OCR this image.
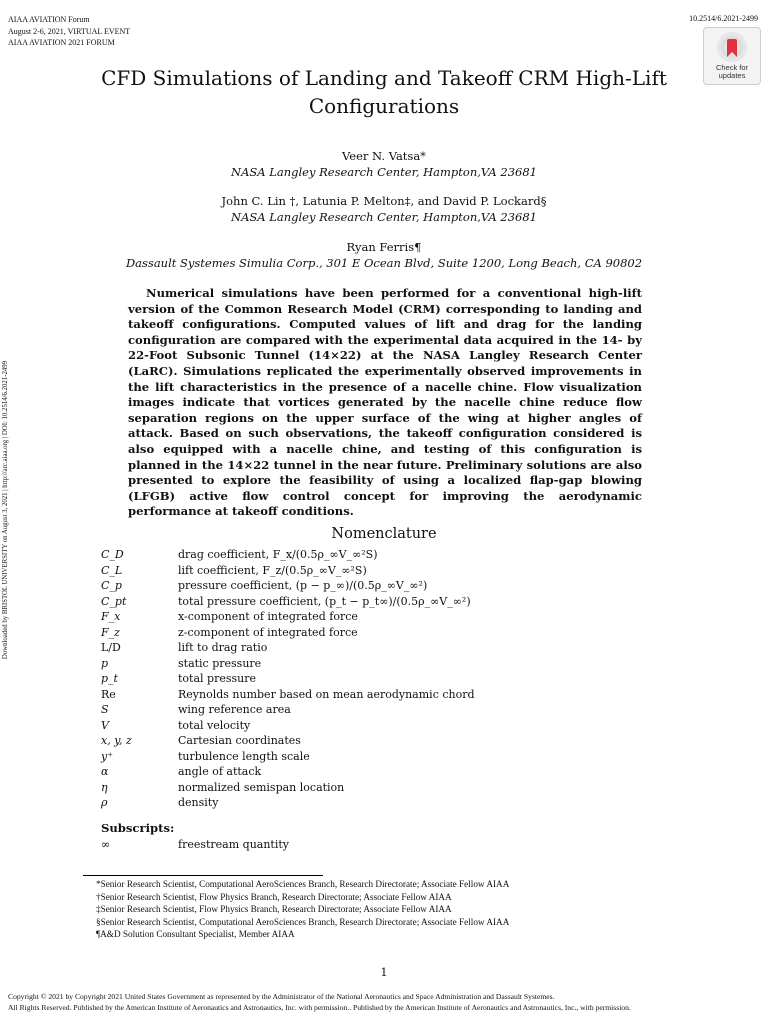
AIAA AVIATION Forum
August 2-6, 2021, VIRTUAL EVENT
AIAA AVIATION 2021 FORUM
10.2514/6.2021-2499
Check for
updates
Downloaded by BRISTOL UNIVERSITY on August 3, 2021 | http://arc.aiaa.org | DOI: 10.2514/6.2021-2499
CFD Simulations of Landing and Takeoff CRM High-Lift
Configurations
Veer N. Vatsa*
NASA Langley Research Center, Hampton,VA 23681
John C. Lin †, Latunia P. Melton‡, and David P. Lockard§
NASA Langley Research Center, Hampton,VA 23681
Ryan Ferris¶
Dassault Systemes Simulia Corp., 301 E Ocean Blvd, Suite 1200, Long Beach, CA 90802

Numerical simulations have been performed for a conventional high-lift version of the Common Research Model (CRM) corresponding to landing and takeoff configurations. Computed values of lift and drag for the landing configuration are compared with the experimental data acquired in the 14- by 22-Foot Subsonic Tunnel (14×22) at the NASA Langley Research Center (LaRC). Simulations replicated the experimentally observed improvements in the lift characteristics in the presence of a nacelle chine. Flow visualization images indicate that vortices generated by the nacelle chine reduce flow separation regions on the upper surface of the wing at higher angles of attack. Based on such observations, the takeoff configuration considered is also equipped with a nacelle chine, and testing of this configuration is planned in the 14×22 tunnel in the near future. Preliminary solutions are also presented to explore the feasibility of using a localized flap-gap blowing (LFGB) active flow control concept for improving the aerodynamic performance at takeoff conditions.

Nomenclature
C_D	drag coefficient, F_x/(0.5ρ_∞V_∞²S)
C_L	lift coefficient, F_z/(0.5ρ_∞V_∞²S)
C_p	pressure coefficient, (p − p_∞)/(0.5ρ_∞V_∞²)
C_pt	total pressure coefficient, (p_t − p_t∞)/(0.5ρ_∞V_∞²)
F_x	x-component of integrated force
F_z	z-component of integrated force
L/D	lift to drag ratio
p	static pressure
p_t	total pressure
Re	Reynolds number based on mean aerodynamic chord
S	wing reference area
V	total velocity
x, y, z	Cartesian coordinates
y⁺	turbulence length scale
α	angle of attack
η	normalized semispan location
ρ	density
Subscripts:
∞	freestream quantity
*Senior Research Scientist, Computational AeroSciences Branch, Research Directorate; Associate Fellow AIAA
†Senior Research Scientist, Flow Physics Branch, Research Directorate; Associate Fellow AIAA
‡Senior Research Scientist, Flow Physics Branch, Research Directorate; Associate Fellow AIAA
§Senior Research Scientist, Computational AeroSciences Branch, Research Directorate; Associate Fellow AIAA
¶A&D Solution Consultant Specialist, Member AIAA
1
Copyright © 2021 by Copyright 2021 United States Government as represented by the Administrator of the National Aeronautics and Space Administration and Dassault Systemes.
All Rights Reserved. Published by the American Institute of Aeronautics and Astronautics, Inc. with permission.. Published by the American Institute of Aeronautics and Astronautics, Inc., with permission.
